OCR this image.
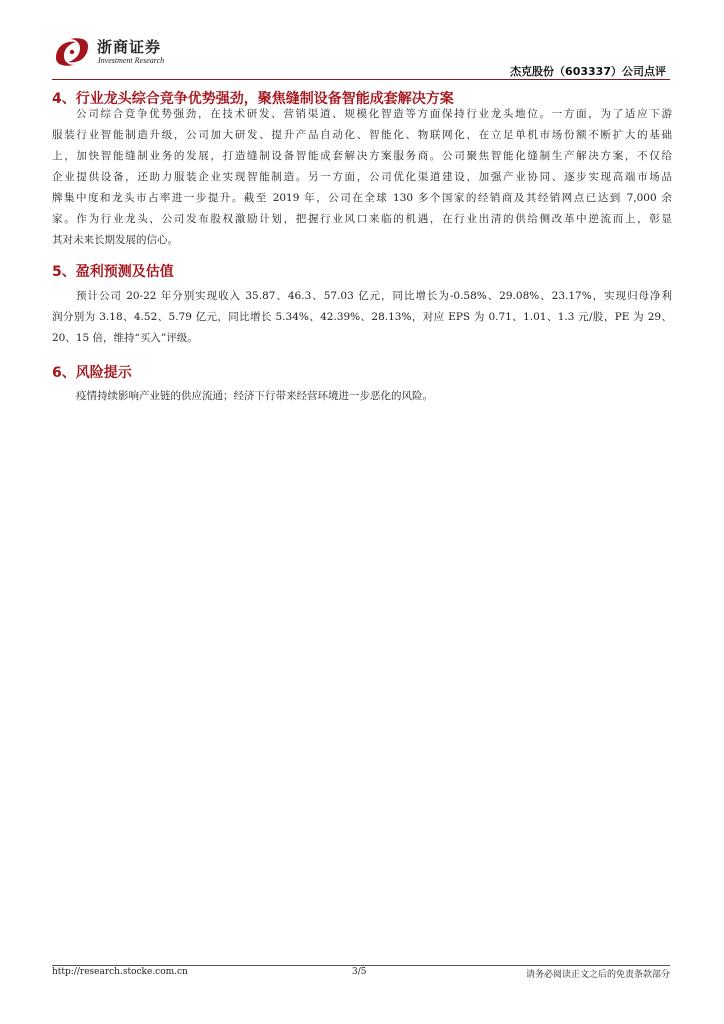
浙商证券
Investment Research
杰克股份（603337）公司点评
4、行业龙头综合竞争优势强劲，聚焦缝制设备智能成套解决方案
公司综合竞争优势强劲，在技术研发、营销渠道、规模化智造等方面保持行业龙头地位。一方面，为了适应下游
服装行业智能制造升级，公司加大研发、提升产品自动化、智能化、物联网化，在立足单机市场份额不断扩大的基础
上，加快智能缝制业务的发展，打造缝制设备智能成套解决方案服务商。公司聚焦智能化缝制生产解决方案，不仅给
企业提供设备，还助力服装企业实现智能制造。另一方面，公司优化渠道建设，加强产业协同、逐步实现高端市场品
牌集中度和龙头市占率进一步提升。截至 2019 年，公司在全球 130 多个国家的经销商及其经销网点已达到 7,000 余
家。作为行业龙头，公司发布股权激励计划，把握行业风口来临的机遇，在行业出清的供给侧改革中逆流而上，彰显
其对未来长期发展的信心。
5、盈利预测及估值
预计公司 20-22 年分别实现收入 35.87、46.3、57.03 亿元，同比增长为-0.58%、29.08%、23.17%，实现归母净利
润分别为 3.18、4.52、5.79 亿元，同比增长 5.34%、42.39%、28.13%，对应 EPS 为 0.71、1.01、1.3 元/股，PE 为 29、
20、15 倍，维持“买入”评级。
6、风险提示
疫情持续影响产业链的供应流通；经济下行带来经营环境进一步恶化的风险。
http://research.stocke.com.cn	3/5	请务必阅读正文之后的免责条款部分
